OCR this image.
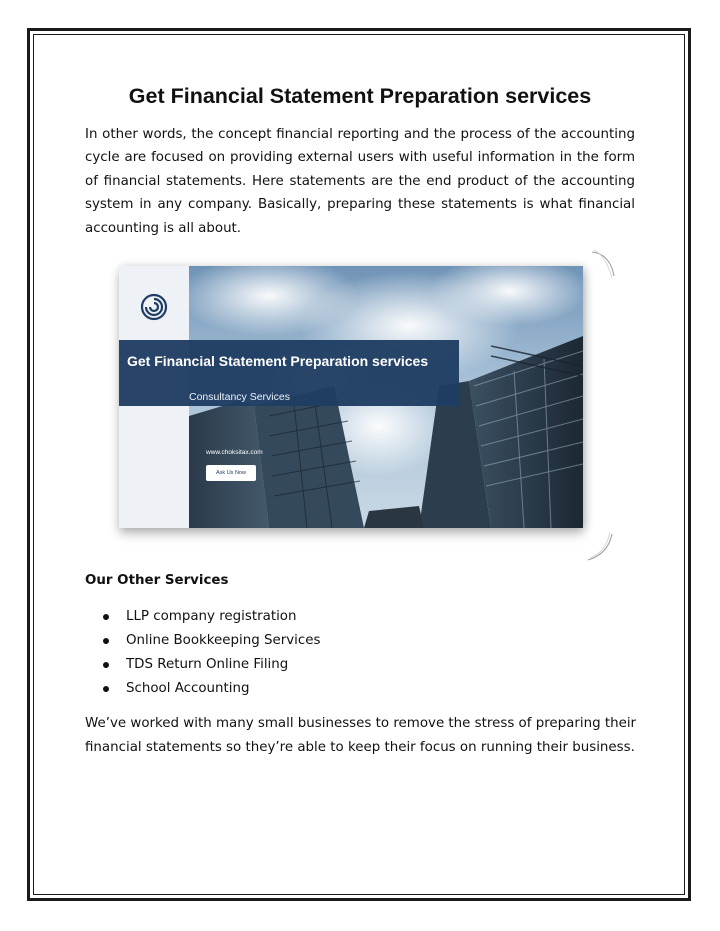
Get Financial Statement Preparation services

In other words, the concept financial reporting and the process of the accounting cycle are focused on providing external users with useful information in the form of financial statements. Here statements are the end product of the accounting system in any company. Basically, preparing these statements is what financial accounting is all about.

Get Financial Statement Preparation services
Consultancy Services
www.choksitax.com
Ask Us Now
Our Other Services
LLP company registration
Online Bookkeeping Services
TDS Return Online Filing
School Accounting

We’ve worked with many small businesses to remove the stress of preparing their financial statements so they’re able to keep their focus on running their business.
